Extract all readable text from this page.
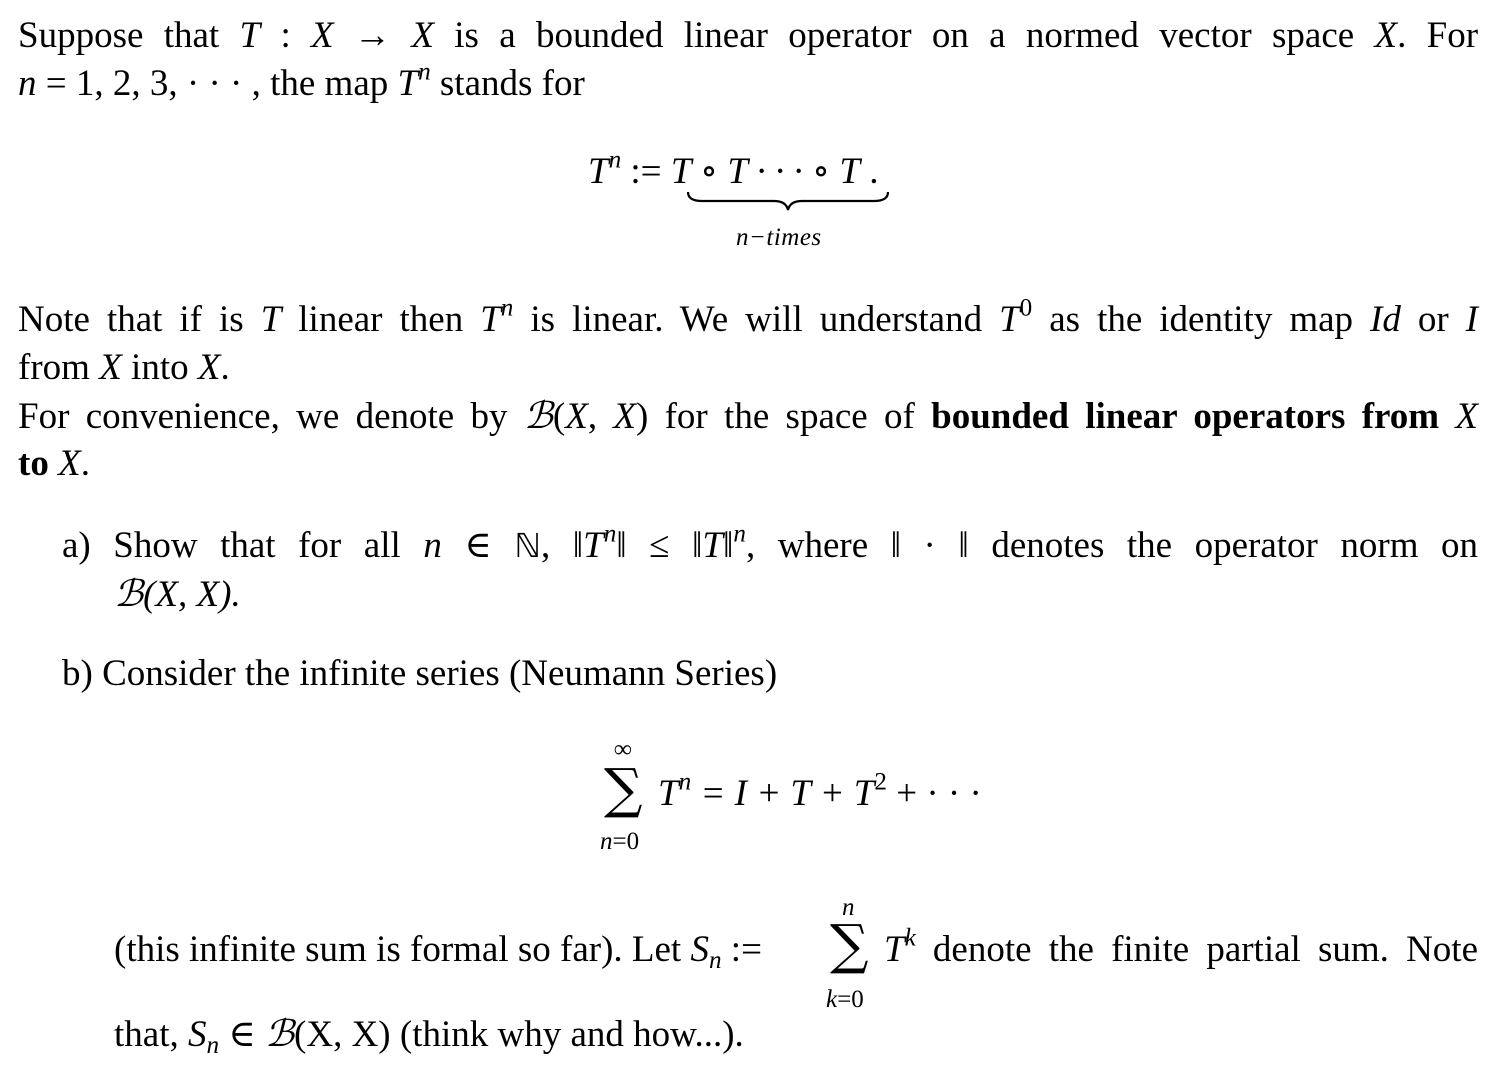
Suppose that T : X → X is a bounded linear operator on a normed vector space X. For
n = 1, 2, 3, · · · , the map $T^n$ stands for
$T^n$ := T ∘ T · · · ∘ T .
n−times
Note that if is T linear then $T^n$ is linear. We will understand $T^0$ as the identity map Id or I
from X into X.
For convenience, we denote by ℬ(X, X) for the space of bounded linear operators from X
to X.
a) Show that for all n ∈ ℕ, $‖T^n‖$ ≤ ‖T‖$^n$, where ‖ · ‖ denotes the operator norm on
ℬ(X, X).
b) Consider the infinite series (Neumann Series)
∞
∑
n=0
$T^n = I + T + T^2$ + · · ·
(this infinite sum is formal so far). Let $S_n$ :=
n
∑
k=0
$T^k$ denote the finite partial sum. Note
that, $S_n$ ∈ ℬ(X, X) (think why and how...).
